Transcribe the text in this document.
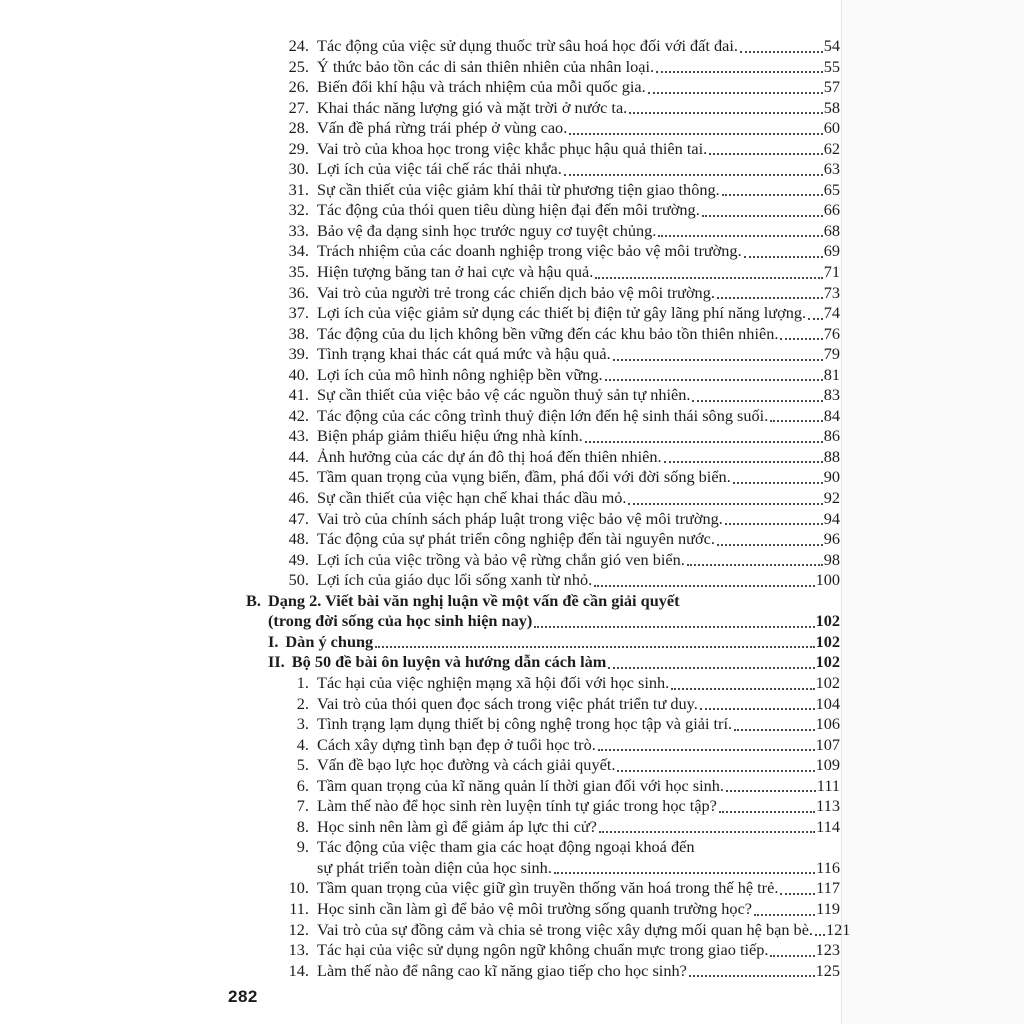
24. Tác động của việc sử dụng thuốc trừ sâu hoá học đối với đất đai.	54
25. Ý thức bảo tồn các di sản thiên nhiên của nhân loại.	55
26. Biến đổi khí hậu và trách nhiệm của mỗi quốc gia.	57
27. Khai thác năng lượng gió và mặt trời ở nước ta.	58
28. Vấn đề phá rừng trái phép ở vùng cao.	60
29. Vai trò của khoa học trong việc khắc phục hậu quả thiên tai.	62
30. Lợi ích của việc tái chế rác thải nhựa.	63
31. Sự cần thiết của việc giảm khí thải từ phương tiện giao thông.	65
32. Tác động của thói quen tiêu dùng hiện đại đến môi trường.	66
33. Bảo vệ đa dạng sinh học trước nguy cơ tuyệt chủng.	68
34. Trách nhiệm của các doanh nghiệp trong việc bảo vệ môi trường.	69
35. Hiện tượng băng tan ở hai cực và hậu quả.	71
36. Vai trò của người trẻ trong các chiến dịch bảo vệ môi trường.	73
37. Lợi ích của việc giảm sử dụng các thiết bị điện tử gây lãng phí năng lượng. 74
38. Tác động của du lịch không bền vững đến các khu bảo tồn thiên nhiên.	76
39. Tình trạng khai thác cát quá mức và hậu quả.	79
40. Lợi ích của mô hình nông nghiệp bền vững.	81
41. Sự cần thiết của việc bảo vệ các nguồn thuỷ sản tự nhiên.	83
42. Tác động của các công trình thuỷ điện lớn đến hệ sinh thái sông suối.	84
43. Biện pháp giảm thiểu hiệu ứng nhà kính.	86
44. Ảnh hưởng của các dự án đô thị hoá đến thiên nhiên.	88
45. Tầm quan trọng của vụng biển, đầm, phá đối với đời sống biển.	90
46. Sự cần thiết của việc hạn chế khai thác dầu mỏ.	92
47. Vai trò của chính sách pháp luật trong việc bảo vệ môi trường.	94
48. Tác động của sự phát triển công nghiệp đến tài nguyên nước.	96
49. Lợi ích của việc trồng và bảo vệ rừng chắn gió ven biển.	98
50. Lợi ích của giáo dục lối sống xanh từ nhỏ.	100
B. Dạng 2. Viết bài văn nghị luận về một vấn đề cần giải quyết
(trong đời sống của học sinh hiện nay)	102
I. Dàn ý chung	102
II. Bộ 50 đề bài ôn luyện và hướng dẫn cách làm	102
1. Tác hại của việc nghiện mạng xã hội đối với học sinh.	102
2. Vai trò của thói quen đọc sách trong việc phát triển tư duy.	104
3. Tình trạng lạm dụng thiết bị công nghệ trong học tập và giải trí.	106
4. Cách xây dựng tình bạn đẹp ở tuổi học trò.	107
5. Vấn đề bạo lực học đường và cách giải quyết.	109
6. Tầm quan trọng của kĩ năng quản lí thời gian đối với học sinh.	111
7. Làm thế nào để học sinh rèn luyện tính tự giác trong học tập?	113
8. Học sinh nên làm gì để giảm áp lực thi cử?	114
9. Tác động của việc tham gia các hoạt động ngoại khoá đến
sự phát triển toàn diện của học sinh.	116
10. Tầm quan trọng của việc giữ gìn truyền thống văn hoá trong thế hệ trẻ. 117
11. Học sinh cần làm gì để bảo vệ môi trường sống quanh trường học?	119
12. Vai trò của sự đồng cảm và chia sẻ trong việc xây dựng mối quan hệ bạn bè. 121
13. Tác hại của việc sử dụng ngôn ngữ không chuẩn mực trong giao tiếp.	123
14. Làm thế nào để nâng cao kĩ năng giao tiếp cho học sinh?	125
282
